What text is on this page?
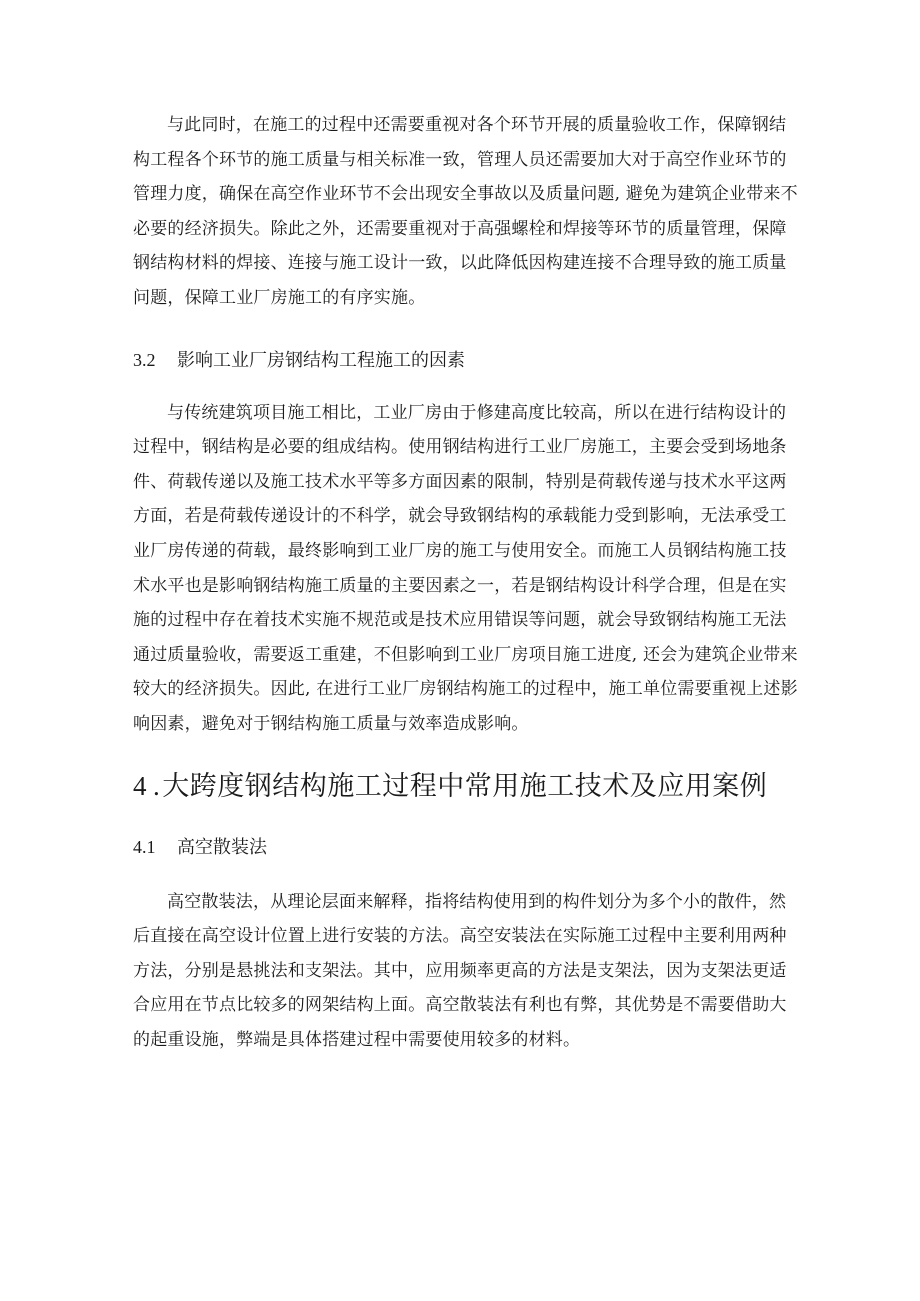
与此同时，在施工的过程中还需要重视对各个环节开展的质量验收工作，保障钢结
构工程各个环节的施工质量与相关标准一致，管理人员还需要加大对于高空作业环节的
管理力度，确保在高空作业环节不会出现安全事故以及质量问题, 避免为建筑企业带来不
必要的经济损失。除此之外，还需要重视对于高强螺栓和焊接等环节的质量管理，保障
钢结构材料的焊接、连接与施工设计一致，以此降低因构建连接不合理导致的施工质量
问题，保障工业厂房施工的有序实施。
3.2	影响工业厂房钢结构工程施工的因素
与传统建筑项目施工相比，工业厂房由于修建高度比较高，所以在进行结构设计的
过程中，钢结构是必要的组成结构。使用钢结构进行工业厂房施工，主要会受到场地条
件、荷载传递以及施工技术水平等多方面因素的限制，特别是荷载传递与技术水平这两
方面，若是荷载传递设计的不科学，就会导致钢结构的承载能力受到影响，无法承受工
业厂房传递的荷载，最终影响到工业厂房的施工与使用安全。而施工人员钢结构施工技
术水平也是影响钢结构施工质量的主要因素之一，若是钢结构设计科学合理，但是在实
施的过程中存在着技术实施不规范或是技术应用错误等问题，就会导致钢结构施工无法
通过质量验收，需要返工重建，不但影响到工业厂房项目施工进度, 还会为建筑企业带来
较大的经济损失。因此, 在进行工业厂房钢结构施工的过程中，施工单位需要重视上述影
响因素，避免对于钢结构施工质量与效率造成影响。
4 . 大跨度钢结构施工过程中常用施工技术及应用案例
4.1	高空散装法
高空散装法，从理论层面来解释，指将结构使用到的构件划分为多个小的散件，然
后直接在高空设计位置上进行安装的方法。高空安装法在实际施工过程中主要利用两种
方法，分别是悬挑法和支架法。其中，应用频率更高的方法是支架法，因为支架法更适
合应用在节点比较多的网架结构上面。高空散装法有利也有弊，其优势是不需要借助大
的起重设施，弊端是具体搭建过程中需要使用较多的材料。
